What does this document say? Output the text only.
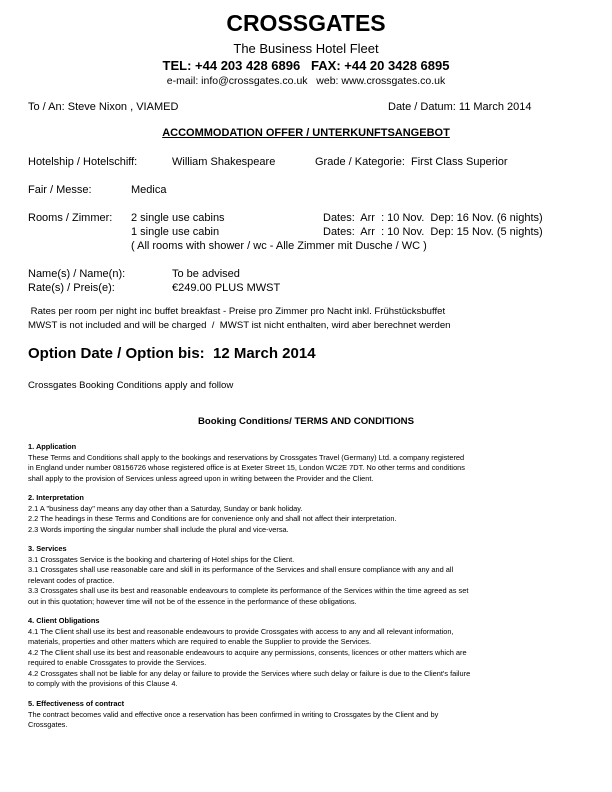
CROSSGATES
The Business Hotel Fleet
TEL: +44 203 428 6896   FAX: +44 20 3428 6895
e-mail: info@crossgates.co.uk   web: www.crossgates.co.uk
To / An: Steve Nixon , VIAMED	Date / Datum: 11 March 2014
ACCOMMODATION OFFER / UNTERKUNFTSANGEBOT
Hotelship / Hotelschiff:	William Shakespeare	Grade / Kategorie:  First Class Superior
Fair / Messe:	Medica
Rooms / Zimmer: 2 single use cabins	Dates:  Arr  : 10 Nov.  Dep: 16 Nov. (6 nights)
1 single use cabin	Dates:  Arr  : 10 Nov.  Dep: 15 Nov. (5 nights)
( All rooms with shower / wc - Alle Zimmer mit Dusche / WC )
Name(s) / Name(n):	To be advised
Rate(s) / Preis(e):	€249.00 PLUS MWST
Rates per room per night inc buffet breakfast - Preise pro Zimmer pro Nacht inkl. Frühstücksbuffet
MWST is not included and will be charged  /  MWST ist nicht enthalten, wird aber berechnet werden
Option Date / Option bis:  12 March 2014
Crossgates Booking Conditions apply and follow
Booking Conditions/ TERMS AND CONDITIONS
1. Application
These Terms and Conditions shall apply to the bookings and reservations by Crossgates Travel (Germany) Ltd. a company registered
in England under number 08156726 whose registered office is at Exeter Street 15, London WC2E 7DT. No other terms and conditions
shall apply to the provision of Services unless agreed upon in writing between the Provider and the Client.
2. Interpretation
2.1 A "business day" means any day other than a Saturday, Sunday or bank holiday.
2.2 The headings in these Terms and Conditions are for convenience only and shall not affect their interpretation.
2.3 Words importing the singular number shall include the plural and vice-versa.
3. Services
3.1 Crossgates Service is the booking and chartering of Hotel ships for the Client.
3.1 Crossgates shall use reasonable care and skill in its performance of the Services and shall ensure compliance with any and all
relevant codes of practice.
3.3 Crossgates shall use its best and reasonable endeavours to complete its performance of the Services within the time agreed as set
out in this quotation; however time will not be of the essence in the performance of these obligations.
4. Client Obligations
4.1 The Client shall use its best and reasonable endeavours to provide Crossgates with access to any and all relevant information,
materials, properties and other matters which are required to enable the Supplier to provide the Services.
4.2 The Client shall use its best and reasonable endeavours to acquire any permissions, consents, licences or other matters which are
required to enable Crossgates to provide the Services.
4.2 Crossgates shall not be liable for any delay or failure to provide the Services where such delay or failure is due to the Client's failure
to comply with the provisions of this Clause 4.
5. Effectiveness of contract
The contract becomes valid and effective once a reservation has been confirmed in writing to Crossgates by the Client and by
Crossgates.
